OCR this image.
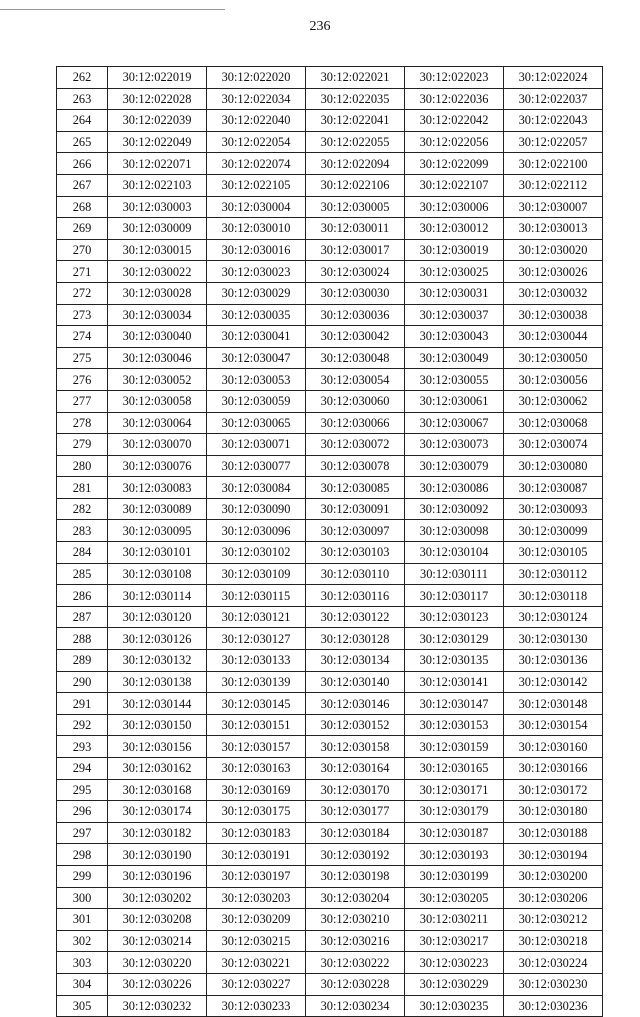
236
262	30:12:022019	30:12:022020	30:12:022021	30:12:022023	30:12:022024
263	30:12:022028	30:12:022034	30:12:022035	30:12:022036	30:12:022037
264	30:12:022039	30:12:022040	30:12:022041	30:12:022042	30:12:022043
265	30:12:022049	30:12:022054	30:12:022055	30:12:022056	30:12:022057
266	30:12:022071	30:12:022074	30:12:022094	30:12:022099	30:12:022100
267	30:12:022103	30:12:022105	30:12:022106	30:12:022107	30:12:022112
268	30:12:030003	30:12:030004	30:12:030005	30:12:030006	30:12:030007
269	30:12:030009	30:12:030010	30:12:030011	30:12:030012	30:12:030013
270	30:12:030015	30:12:030016	30:12:030017	30:12:030019	30:12:030020
271	30:12:030022	30:12:030023	30:12:030024	30:12:030025	30:12:030026
272	30:12:030028	30:12:030029	30:12:030030	30:12:030031	30:12:030032
273	30:12:030034	30:12:030035	30:12:030036	30:12:030037	30:12:030038
274	30:12:030040	30:12:030041	30:12:030042	30:12:030043	30:12:030044
275	30:12:030046	30:12:030047	30:12:030048	30:12:030049	30:12:030050
276	30:12:030052	30:12:030053	30:12:030054	30:12:030055	30:12:030056
277	30:12:030058	30:12:030059	30:12:030060	30:12:030061	30:12:030062
278	30:12:030064	30:12:030065	30:12:030066	30:12:030067	30:12:030068
279	30:12:030070	30:12:030071	30:12:030072	30:12:030073	30:12:030074
280	30:12:030076	30:12:030077	30:12:030078	30:12:030079	30:12:030080
281	30:12:030083	30:12:030084	30:12:030085	30:12:030086	30:12:030087
282	30:12:030089	30:12:030090	30:12:030091	30:12:030092	30:12:030093
283	30:12:030095	30:12:030096	30:12:030097	30:12:030098	30:12:030099
284	30:12:030101	30:12:030102	30:12:030103	30:12:030104	30:12:030105
285	30:12:030108	30:12:030109	30:12:030110	30:12:030111	30:12:030112
286	30:12:030114	30:12:030115	30:12:030116	30:12:030117	30:12:030118
287	30:12:030120	30:12:030121	30:12:030122	30:12:030123	30:12:030124
288	30:12:030126	30:12:030127	30:12:030128	30:12:030129	30:12:030130
289	30:12:030132	30:12:030133	30:12:030134	30:12:030135	30:12:030136
290	30:12:030138	30:12:030139	30:12:030140	30:12:030141	30:12:030142
291	30:12:030144	30:12:030145	30:12:030146	30:12:030147	30:12:030148
292	30:12:030150	30:12:030151	30:12:030152	30:12:030153	30:12:030154
293	30:12:030156	30:12:030157	30:12:030158	30:12:030159	30:12:030160
294	30:12:030162	30:12:030163	30:12:030164	30:12:030165	30:12:030166
295	30:12:030168	30:12:030169	30:12:030170	30:12:030171	30:12:030172
296	30:12:030174	30:12:030175	30:12:030177	30:12:030179	30:12:030180
297	30:12:030182	30:12:030183	30:12:030184	30:12:030187	30:12:030188
298	30:12:030190	30:12:030191	30:12:030192	30:12:030193	30:12:030194
299	30:12:030196	30:12:030197	30:12:030198	30:12:030199	30:12:030200
300	30:12:030202	30:12:030203	30:12:030204	30:12:030205	30:12:030206
301	30:12:030208	30:12:030209	30:12:030210	30:12:030211	30:12:030212
302	30:12:030214	30:12:030215	30:12:030216	30:12:030217	30:12:030218
303	30:12:030220	30:12:030221	30:12:030222	30:12:030223	30:12:030224
304	30:12:030226	30:12:030227	30:12:030228	30:12:030229	30:12:030230
305	30:12:030232	30:12:030233	30:12:030234	30:12:030235	30:12:030236
